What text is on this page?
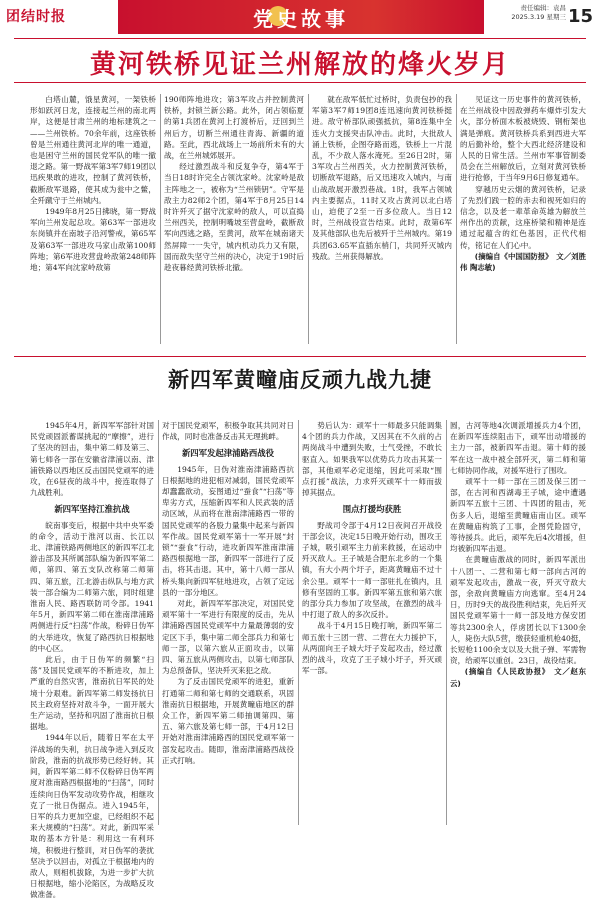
团结时报	党史故事	责任编辑：袁昌
2025.3.19 星期三 15
黄河铁桥见证兰州解放的烽火岁月

白塔山麓，饿星黄河，一架铁桥形如跃河日龙，连接起兰州的南北两岸，这便是甘肃兰州的地标建筑之一——兰州铁桥。70余年前，这座铁桥曾是兰州通往黄河北岸的唯一通道，也是困守兰州的国民党军队的唯一撤退之路。第一野战军第3军7师19团以迅疾果敢的进攻，控制了黄河铁桥，截断敌军退路，使其成为瓮中之鳖，全歼蹴守于兰州城内。

1949年8月25日拂晓，第一野战军向兰州发起总攻。第63军一部进攻东岗镇并在南坡子沿河警戒，第65军及第63军一部进攻马家山敌第100师阵地；第6军进攻营盘岭敌第248师阵地；第4军向沈家岭敌第

190师阵地进攻；第3军攻占并控制黄河铁桥，封锁兰新公路。此外，闭占领临夏的第1兵团在黄河上打渡桥后，迂回到兰州后方，切断兰州通往青海、新疆的道路。至此，西北战场上一场前所未有的大战，在兰州城郊展开。

经过激烈战斗和反复争夺，第4军于当日18时许完全占领沈家岭。沈家岭是敌主阵地之一，被称为“兰州锁钥”。守军是敌主力82师2个团，第4军于8月25日14时许歼灭了据守沈家岭的敌人，可以直捣兰州西关，控制明嘴坡至营盘岭，截断敌军向西逃之路，至黄河，敌军在城南诸天然屏障一一失守，城内机动兵力又有限，国而敌失坚守兰州的决心，决定于19时后趁夜暮经黄河铁桥北撤。

就在敌军低忙过桥时，负责包抄的我军第3军7师19团8连迅速向黄河铁桥挺进。敌守桥部队顽强抵抗，第8连集中全连火力支援突击队冲击。此时，大批敌人涌上铁桥，企图夺路而逃，铁桥上一片混乱，不少敌人落水淹死。至26日2时，第3军攻占兰州西关，火力控制黄河铁桥，切断敌军退路，后又迅速攻入城内，与南山战敌展开激烈巷战。1时，我军占领城内主要据点，11时又攻占黄河以北白塔山，迫使了2至一百多位敌人。当日12时，兰州战役宣告结束。此时，敌第6军及其他部队也先后被歼于兰州城内。第19兵团63.65军直插东梢门，共同歼灭城内残敌。兰州获得解放。

见证这一历史事件的黄河铁桥，在兰州战役中因敌弹药车爆炸引发大火，部分桥面木板被烧毁、钢桁架也满是弹痕。黄河铁桥兵系到西进大军的后勤补给，整个大西北经济建设和人民的日常生活。兰州市军事管制委员会在兰州解放后，立刻对黄河铁桥进行抢修，于当年9月6日修复通车。

穿越历史云烟的黄河铁桥，记录了先烈们践一腔的赤去和视死如归的信念，以及老一辈革命英雄为解放兰州作出的贡献，这座桥梁和精神是连通过起蕴含的红色基因，正代代相传，铭记在人们心中。

(摘编自《中国国防报》　文／刘胜伟 陶志敏)

新四军黄疃庙反顽九战九捷

1945年4月，新四军军部针对国民党顽固派蓄谋挑起的“摩擦”，进行了坚决的回击，集中第二师及第三、第七师各一部在安徽省津浦以南、津浦铁路以西地区反击国民党顽军的进攻，在6昼夜的战斗中，接连取得了九战胜利。

新四军坚持江淮抗战

皖南事变后，根据中共中央军委的命令，活动于淮河以南、长江以北、津浦铁路两侧地区的新四军江北游击部及其所属部队编为新四军第二师，第四、第五支队改称第二师第四、第五旅，江北游击纵队与地方武装一部合编为二师第六旅，同时组建淮南人民、路西联防司令部。1941年5月，新四军第二师在淮南津浦路两侧进行反“扫荡”作战，粉碎日伪军的大举进攻，恢复了路西抗日根据地的中心区。

此后，由于日伪军的频繁“扫荡”及国民党顽军的不断进攻，加上严重的自然灾害，淮南抗日军民的处境十分艰难。新四军第二师发扬抗日民主政府坚持对敌斗争，一面开展大生产运动，坚持和巩固了淮南抗日根据地。

1944年以后，随着日军在太平洋战场的失利，抗日战争进入到反攻阶段，淮南的抗战形势已经好转。其间，新四军第二师不仅粉碎日伪军两度对淮南路西根据地的“扫荡”，同时连续向日伪军发动攻势作战，相继攻克了一批日伪据点。进入1945年，日军的兵力更加空虚，已经组织不起来大规模的“扫荡”。对此，新四军采取的基本方针是：利用这一有利环境，积极进行整训，对日伪军的袭扰坚决予以回击，对孤立于根据地内的敌人，则相机拔除，为进一步扩大抗日根据地，缩小沦陷区，为战略反攻做准备。

对于国民党顽军，积极争取其共同对日作战，同时也准备反击其无理挑衅。

新四军发起津浦路西战役

1945年，日伪对淮南津浦路西抗日根据地的进犯相对减弱，国民党顽军却蠢蠢欲动，妄图通过“蚕食”“扫荡”等卑劣方式，压缩新四军和人民武装的活动区域，从而将在淮南津浦路西一带的国民党顽军的各股力量集中起来与新四军作战。国民党顽军第十一军开展“封锁”“蚕食”行动，进攻新四军淮南津浦路西根据地一部，新四军一部进行了反击，将其击退。其中，第十八师一部从桥头集向新四军驻地进攻，占领了定远县的一部分地区。

对此，新四军军部决定，对国民党顽军第十一军进行有限度的反击，先从津浦路西国民党顽军中力量最薄弱的安定区下手，集中第二师全部兵力和第七师一部，以第六旅从正面攻击，以第四、第五旅从两侧攻击，以第七师部队为总预备队，坚决歼灭来犯之敌。

为了反击国民党顽军的进犯，重新打通第二师和第七师的交通联系，巩固淮南抗日根据地，开展黄疃庙地区的群众工作，新四军第二师抽调第四、第五、第六旅及第七师一部，于4月12日开始对淮南津浦路西的国民党顽军第一部发起攻击。随即，淮南津浦路西战役正式打响。

势后认为：顽军十一师最多只能调集4个团的兵力作战，又因其在不久前的占两岗战斗中遭到失败，士气受挫，不敢长驱直入。如果我军以优势兵力攻击其某一部，其他顽军必定退缩，因此可采取“围点打援”战法，力求歼灭顽军十一师而拔掉其据点。

围点打援均获胜

野战司令部于4月12日夜间召开战役干部会议，决定15日晚开始行动，围攻王子城，吸引顽军主力前来救援，在运动中歼灭敌人。王子城是合肥东北乡的一个集镇，有大小两个圩子，距离黄疃庙不过十余公里。顽军十一师一部驻扎在镇内，且修有坚固的工事。新四军第五旅和第六旅的部分兵力参加了攻坚战，在激烈的战斗中打退了敌人的多次反扑。

战斗于4月15日晚打响，新四军第二师五旅十三团一营、二营在大力援护下，从两面向王子城大圩子发起攻击，经过激烈的战斗，攻克了王子城小圩子，歼灭顽军一部。

圆，古河等地4次调派增援兵力4个团，在新四军连续阻击下，顽军出动增援的主力一部，被新四军击退。第十师的援军在这一战中被全部歼灭，第二师和第七师协同作战，对援军进行了围攻。

顽军十一师一部在三团及保三团一部，在古河和西湖毒王子城，途中遭遇新四军五旅十三团、十四团的阻击，死伤多人后，退缩至黄疃庙南山区。顽军在黄疃庙构筑了工事，企图凭险固守，等待援兵。此后，顽军先后4次增援，但均被新四军击退。

在黄疃庙激战的同时，新四军派出十八团一、二营和第七师一部向古河的顽军发起攻击，激战一夜，歼灭守敌大部，余敌向黄疃庙方向逃窜。至4月24日，历时9天的战役胜利结束，先后歼灭国民党顽军第十一师一部及地方保安团等共2300余人，俘虏团长以下1300余人，毙伤大队5营，缴获轻重机枪40挺，长短枪1100余支以及大批子弹、军需物资，给顽军以重创。23日，战役结束。

(摘编自《人民政协报》　文／赵东云)
